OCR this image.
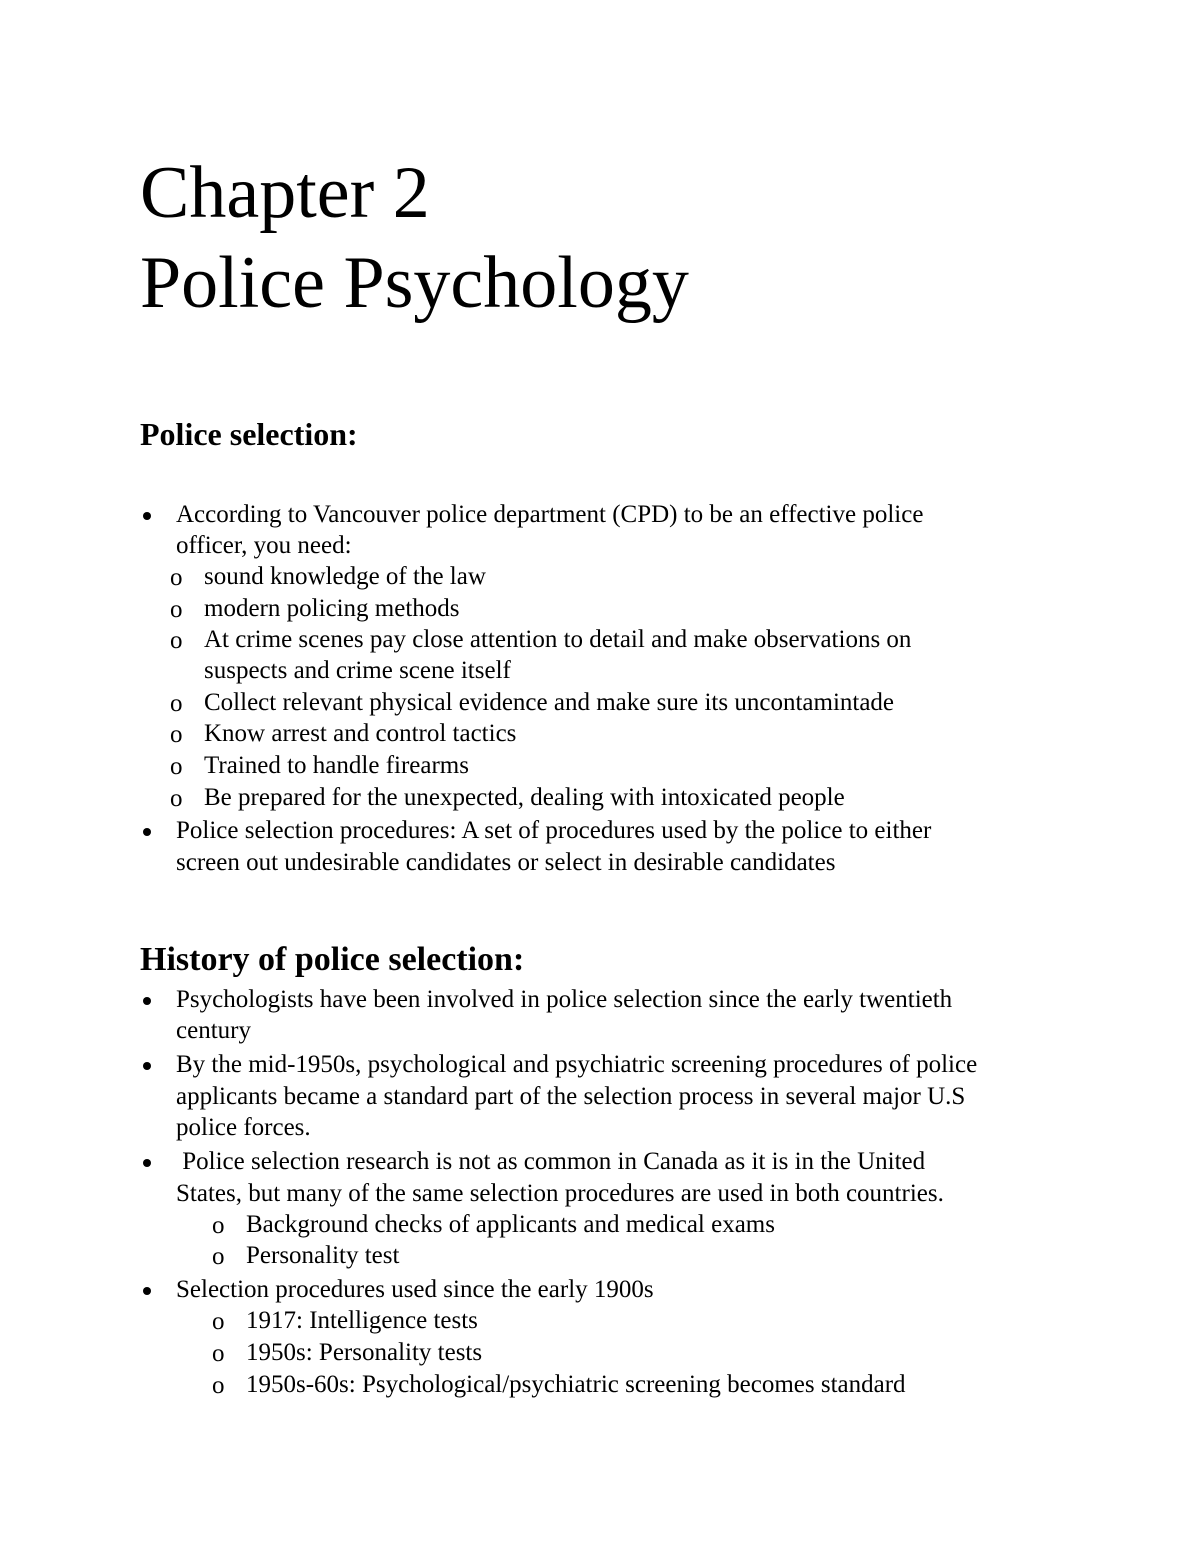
Chapter 2
Police Psychology
Police selection:
According to Vancouver police department (CPD) to be an effective police
officer, you need:
o sound knowledge of the law
o modern policing methods
o At crime scenes pay close attention to detail and make observations on
suspects and crime scene itself
o Collect relevant physical evidence and make sure its uncontamintade
o Know arrest and control tactics
o Trained to handle firearms
o Be prepared for the unexpected, dealing with intoxicated people
Police selection procedures: A set of procedures used by the police to either
screen out undesirable candidates or select in desirable candidates
History of police selection:
Psychologists have been involved in police selection since the early twentieth
century
By the mid-1950s, psychological and psychiatric screening procedures of police
applicants became a standard part of the selection process in several major U.S
police forces.
Police selection research is not as common in Canada as it is in the United
States, but many of the same selection procedures are used in both countries.
o Background checks of applicants and medical exams
o Personality test
Selection procedures used since the early 1900s
o 1917: Intelligence tests
o 1950s: Personality tests
o 1950s-60s: Psychological/psychiatric screening becomes standard
